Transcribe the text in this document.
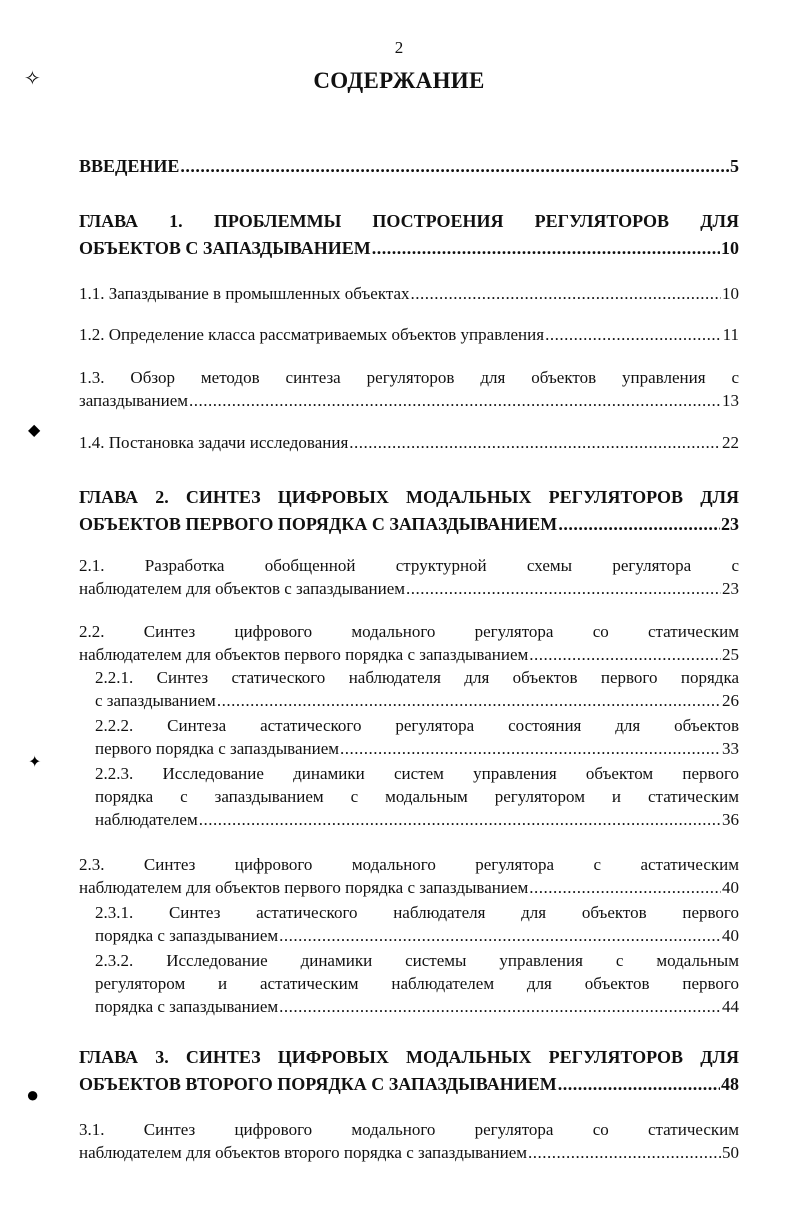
2
СОДЕРЖАНИЕ
✧
◆
✦
●
ВВЕДЕНИЕ .....	5
ГЛАВА 1. ПРОБЛЕММЫ ПОСТРОЕНИЯ РЕГУЛЯТОРОВ ДЛЯ
ОБЪЕКТОВ С ЗАПАЗДЫВАНИЕМ .....	10
1.1. Запаздывание в промышленных объектах .....	10
1.2. Определение класса рассматриваемых объектов управления .....	11
1.3. Обзор методов синтеза регуляторов для объектов управления с
запаздыванием .....	13
1.4. Постановка задачи исследования .....	22
ГЛАВА 2. СИНТЕЗ ЦИФРОВЫХ МОДАЛЬНЫХ РЕГУЛЯТОРОВ ДЛЯ
ОБЪЕКТОВ ПЕРВОГО ПОРЯДКА С ЗАПАЗДЫВАНИЕМ .....	23
2.1. Разработка обобщенной структурной схемы регулятора с
наблюдателем для объектов с запаздыванием .....	23
2.2. Синтез цифрового модального регулятора со статическим
наблюдателем для объектов первого порядка с запаздыванием .....	25
2.2.1. Синтез статического наблюдателя для объектов первого порядка
с запаздыванием .....	26
2.2.2. Синтеза астатического регулятора состояния для объектов
первого порядка с запаздыванием .....	33
2.2.3. Исследование динамики систем управления объектом первого
порядка с запаздыванием с модальным регулятором и статическим
наблюдателем .....	36
2.3. Синтез цифрового модального регулятора с астатическим
наблюдателем для объектов первого порядка с запаздыванием .....	40
2.3.1. Синтез астатического наблюдателя для объектов первого
порядка с запаздыванием .....	40
2.3.2. Исследование динамики системы управления с модальным
регулятором и астатическим наблюдателем для объектов первого
порядка с запаздыванием .....	44
ГЛАВА 3. СИНТЕЗ ЦИФРОВЫХ МОДАЛЬНЫХ РЕГУЛЯТОРОВ ДЛЯ
ОБЪЕКТОВ ВТОРОГО ПОРЯДКА С ЗАПАЗДЫВАНИЕМ .....	48
3.1. Синтез цифрового модального регулятора со статическим
наблюдателем для объектов второго порядка с запаздыванием .....	50
